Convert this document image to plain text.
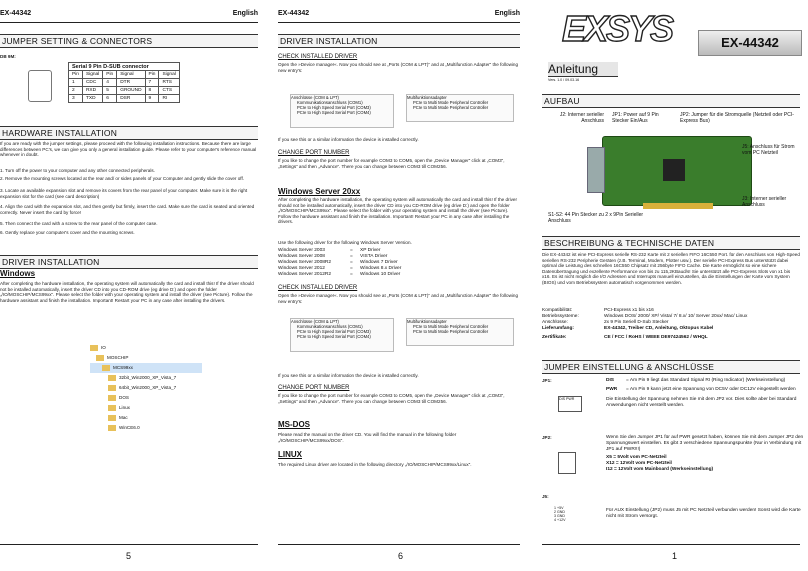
EX-44342	English
JUMPER SETTING & CONNECTORS
DB 9M:
Serial 9 Pin D-SUB connector					
Pin	Signal	Pin	Signal	Pin	Signal
1	CDC	4	DTR	7	RTS
2	RXD	5	GROUND	8	CTS
3	TXD	6	DSR	9	RI
HARDWARE INSTALLATION
If you are ready with the jumper settings, please proceed with the following installation instructions. Because there are large differences between PC's, we can give you only a general installation guide. Please refer to your computer's reference manual whenever in doubt.
1. Turn off the power to your computer and any other connected peripherals.
2. Remove the mounting screws located at the rear and/ or sides panels of your Computer and gently slide the cover off.
3. Locate an available expansion slot and remove its covers from the rear panel of your computer. Make sure it is the right expansion slot for the card (see card description)
4. Align the card with the expansion slot, and then gently but firmly, insert the card. Make sure the card is seated and oriented correctly. Never insert the card by force!
5. Then connect the card with a screw to the rear panel of the computer case.
6. Gently replace your computer's cover and the mounting screws.
DRIVER INSTALLATION
Windows
After completing the hardware installation, the operating system will automatically the card and install this! If the driver should not be installed automatically, insert the driver CD into you CD-ROM drive (eg drive D:) and open the folder „/IO/MOSCHIP/MCS99xx“. Please select the folder with your operating system and install the driver (see Picture). Follow the hardware assistant and finish the installation. Important! Restart your PC in any case after installing the drivers.
IO
MOSCHIP
MCS99xx
32bit_Win2000_XP_Vista_7
64bit_Win2000_XP_Vista_7
DOS
Linux
Mac
WinCE6.0
5
EX-44342	English
DRIVER INSTALLATION
CHECK INSTALLED DRIVER
Open the »Device manager«. Now you should see at „Ports (COM & LPT)“ and at „Multifunction Adapter“ the following new entry's:
Anschlüsse (COM & LPT)
Kommunikationsanschluss (COM1)
PCIe to High Speed Serial Port (COM3)
PCIe to High Speed Serial Port (COM4)
Multifunktionsadapter
PCIe to Multi Mode Peripheral Controller
PCIe to Multi Mode Peripheral Controller
If you see this or a similar information the device is installed correctly.
CHANGE PORT NUMBER
If you like to change the port number for example COM3 to COM5, open the „Device Manager“ click at „COM3“, „Settings“ and then „Advance“. There you can change between COM3 till COM256.
Windows Server 20xx
After completing the hardware installation, the operating system will automatically the card and install this! If the driver should not be installed automatically, insert the driver CD into you CD-ROM drive (eg drive D:) and open the folder „/IO/MOSCHIP/MCS99xx“. Please select the folder with your operating system and install the driver (see Picture). Follow the hardware assistant and finish the installation. Important! Restart your PC in any case after installing the drivers.
Use the following driver for the following Windows Server Version.
Windows Server 2003	= XP Driver
Windows Server 2008	= VISTA Driver
Windows Server 2008R2	= Windows 7 Driver
Windows Server 2012	= Windows 8.x Driver
Windows Server 2012R2	= Windows 10 Driver
CHECK INSTALLED DRIVER
Open the »Device manager«. Now you should see at „Ports (COM & LPT)“ and at „Multifunction Adapter“ the following new entry's:
Anschlüsse (COM & LPT)
Kommunikationsanschluss (COM1)
PCIe to High Speed Serial Port (COM3)
PCIe to High Speed Serial Port (COM4)
Multifunktionsadapter
PCIe to Multi Mode Peripheral Controller
PCIe to Multi Mode Peripheral Controller
If you see this or a similar information the device is installed correctly.
CHANGE PORT NUMBER
If you like to change the port number for example COM3 to COM5, open the „Device Manager“ click at „COM3“, „Settings“ and then „Advance“. There you can change between COM3 till COM256.
MS-DOS
Please read the manual on the driver CD. You will find the manual in the following folder „/IO/MOSCHIP/MCS99xx/DOS“.
LINUX
The required Linux driver are located in the following directory „/IO/MOSCHIP/MCS99xx/Linux“.
6
EXSYS	EX-44342
Anleitung
Vers. 1.0 / 09.03.16
AUFBAU
J2: Interner serieller Anschluss
JP1: Power auf 9 Pin Stecker Ein/Aus
JP2: Jumper für die Stromquelle (Netzteil oder PCI-Express Bus)
J5: Anschluss für Strom vom PC Netzteil
J3: Interner serieller Anschluss
S1-S2: 44 Pin Stecker zu 2 x 9Pin Serieller Anschluss
BESCHREIBUNG & TECHNISCHE DATEN
Die EX-44342 ist eine PCI-Express serielle RS-232 Karte mit 2 seriellen FIFO 16C550 Port. für den Anschluss von High-Speed seriellen RS-232 Peripherie Geräten (z.B. Terminal, Modem, Plotter usw.). Der serielle PCI-Express Bus unterstützt dabei optimal die Leistung des schnellen 16C550 Chipsatz mit 256byte FIFO Cache. Die Karte ermöglicht so eine sichere Datenübertragung und exzellente Performance von bis zu 115,2KBaud/s! Sie unterstützt alle PCI-Express Slots von x1 bis x16. Es ist nicht möglich die I/O Adressen und Interrupts manuell einzustellen, da die Einstellungen der Karte vom System (BIOS) und vom Betriebssystem automatisch vorgenommen werden.
Kompatibilität:	PCI-Express x1 bis x16
Betriebssysteme:	Windows DOS/ 2000/ XP/ Vista/ 7/ 8.x/ 10/ Server 20xx/ Mac/ Linux
Anschlüsse:	2x 9 Pin Seriell D-Sub Stecker
Lieferumfang:	EX-44342, Treiber CD, Anleitung, Oktopus Kabel
Zertifikate:	CE / FCC / RoHS / WEEE DE97424562 / WHQL
JUMPER EINSTELLUNG & ANSCHLÜSSE
JP1:
DIS PWR
DIS	= Am Pin 9 liegt das Standard Signal RI (Ring Indicator) (Werkseinstellung)
PWR = Am Pin 9 kann jetzt eine Spannung von DC5V oder DC12V eingestellt werden
Die Einstellung der Spannung nehmen Sie mit dem JP2 vor. Dies sollte aber bei Standard Anwendungen nicht verstellt werden.
JP2:	Wenn Sie den Jumper JP1 für auf PWR gesetzt haben, können Sie mit dem Jumper JP2 den Spannungswert einstellen. Es gibt 3 verschiedene Spannungspunkte (Nur in Verbindung mit JP1 auf PWR!!!)
X5 = 5Volt vom PC-Netzteil
X12 = 12Volt vom PC-Netzteil
I12 = 12Volt vom Mainboard (Werkseinstellung)
J5:
1 +5V
2 GND
3 GND
4 +12V
Für AUX Einstellung (JP2) muss J5 mit PC Netzteil verbunden werden! Sonst wird die Karte nicht mit Strom versorgt.
1
